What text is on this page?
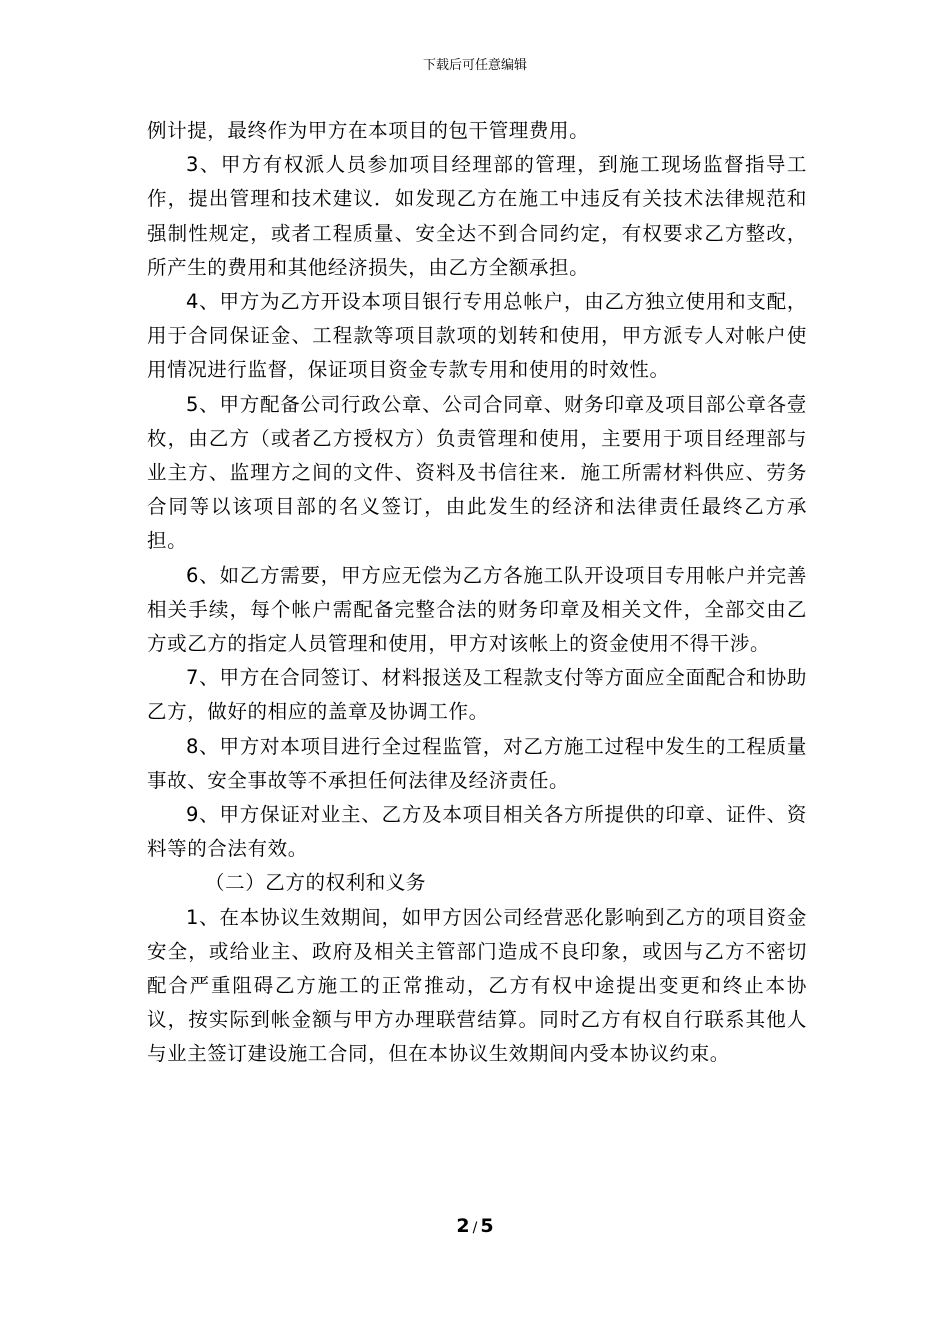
下载后可任意编辑

例计提，最终作为甲方在本项目的包干管理费用。

3、甲方有权派人员参加项目经理部的管理，到施工现场监督指导工作，提出管理和技术建议．如发现乙方在施工中违反有关技术法律规范和强制性规定，或者工程质量、安全达不到合同约定，有权要求乙方整改，所产生的费用和其他经济损失，由乙方全额承担。

4、甲方为乙方开设本项目银行专用总帐户，由乙方独立使用和支配，用于合同保证金、工程款等项目款项的划转和使用，甲方派专人对帐户使用情况进行监督，保证项目资金专款专用和使用的时效性。

5、甲方配备公司行政公章、公司合同章、财务印章及项目部公章各壹枚，由乙方（或者乙方授权方）负责管理和使用，主要用于项目经理部与业主方、监理方之间的文件、资料及书信往来．施工所需材料供应、劳务合同等以该项目部的名义签订，由此发生的经济和法律责任最终乙方承担。

6、如乙方需要，甲方应无偿为乙方各施工队开设项目专用帐户并完善相关手续，每个帐户需配备完整合法的财务印章及相关文件，全部交由乙方或乙方的指定人员管理和使用，甲方对该帐上的资金使用不得干涉。

7、甲方在合同签订、材料报送及工程款支付等方面应全面配合和协助乙方，做好的相应的盖章及协调工作。

8、甲方对本项目进行全过程监管，对乙方施工过程中发生的工程质量事故、安全事故等不承担任何法律及经济责任。

9、甲方保证对业主、乙方及本项目相关各方所提供的印章、证件、资料等的合法有效。

（二）乙方的权利和义务

1、在本协议生效期间，如甲方因公司经营恶化影响到乙方的项目资金安全，或给业主、政府及相关主管部门造成不良印象，或因与乙方不密切配合严重阻碍乙方施工的正常推动，乙方有权中途提出变更和终止本协议，按实际到帐金额与甲方办理联营结算。同时乙方有权自行联系其他人与业主签订建设施工合同，但在本协议生效期间内受本协议约束。

2 / 5
